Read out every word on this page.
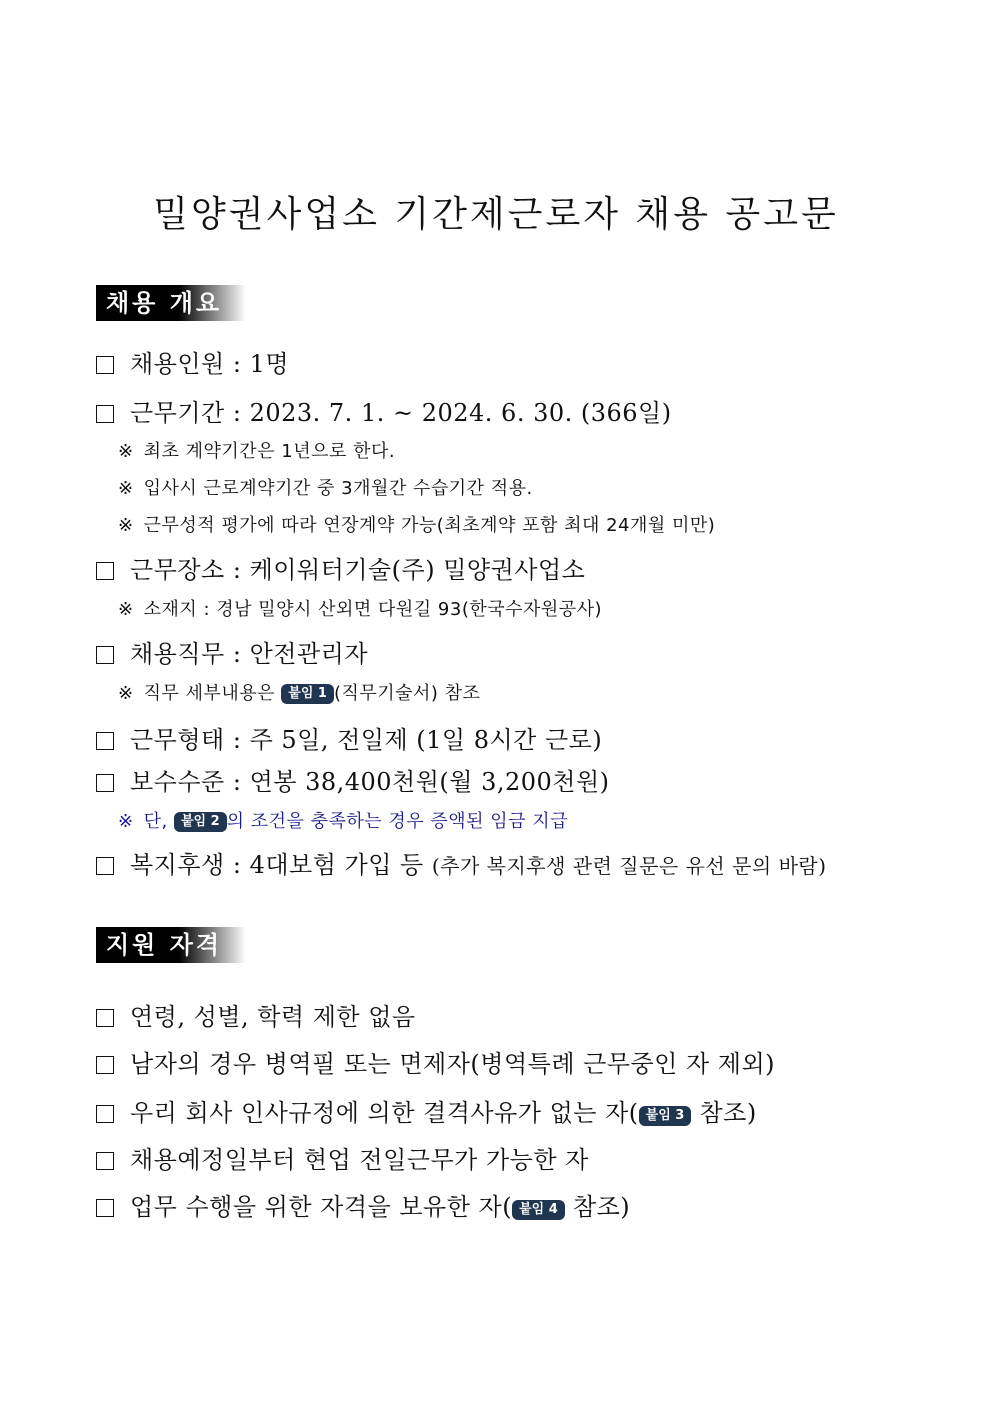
밀양권사업소 기간제근로자 채용 공고문
채용 개요
채용인원 : 1명
근무기간 : 2023. 7. 1. ~ 2024. 6. 30. (366일)
※ 최초 계약기간은 1년으로 한다.
※ 입사시 근로계약기간 중 3개월간 수습기간 적용.
※ 근무성적 평가에 따라 연장계약 가능(최초계약 포함 최대 24개월 미만)
근무장소 : 케이워터기술(주) 밀양권사업소
※ 소재지 : 경남 밀양시 산외면 다원길 93(한국수자원공사)
채용직무 : 안전관리자
※ 직무 세부내용은 붙임 1 (직무기술서) 참조
근무형태 : 주 5일, 전일제 (1일 8시간 근로)
보수수준 : 연봉 38,400천원(월 3,200천원)
※ 단, 붙임 2 의 조건을 충족하는 경우 증액된 임금 지급
복지후생 : 4대보험 가입 등 (추가 복지후생 관련 질문은 유선 문의 바람)
지원 자격
연령, 성별, 학력 제한 없음
남자의 경우 병역필 또는 면제자(병역특례 근무중인 자 제외)
우리 회사 인사규정에 의한 결격사유가 없는 자( 붙임 3 참조)
채용예정일부터 현업 전일근무가 가능한 자
업무 수행을 위한 자격을 보유한 자( 붙임 4 참조)
